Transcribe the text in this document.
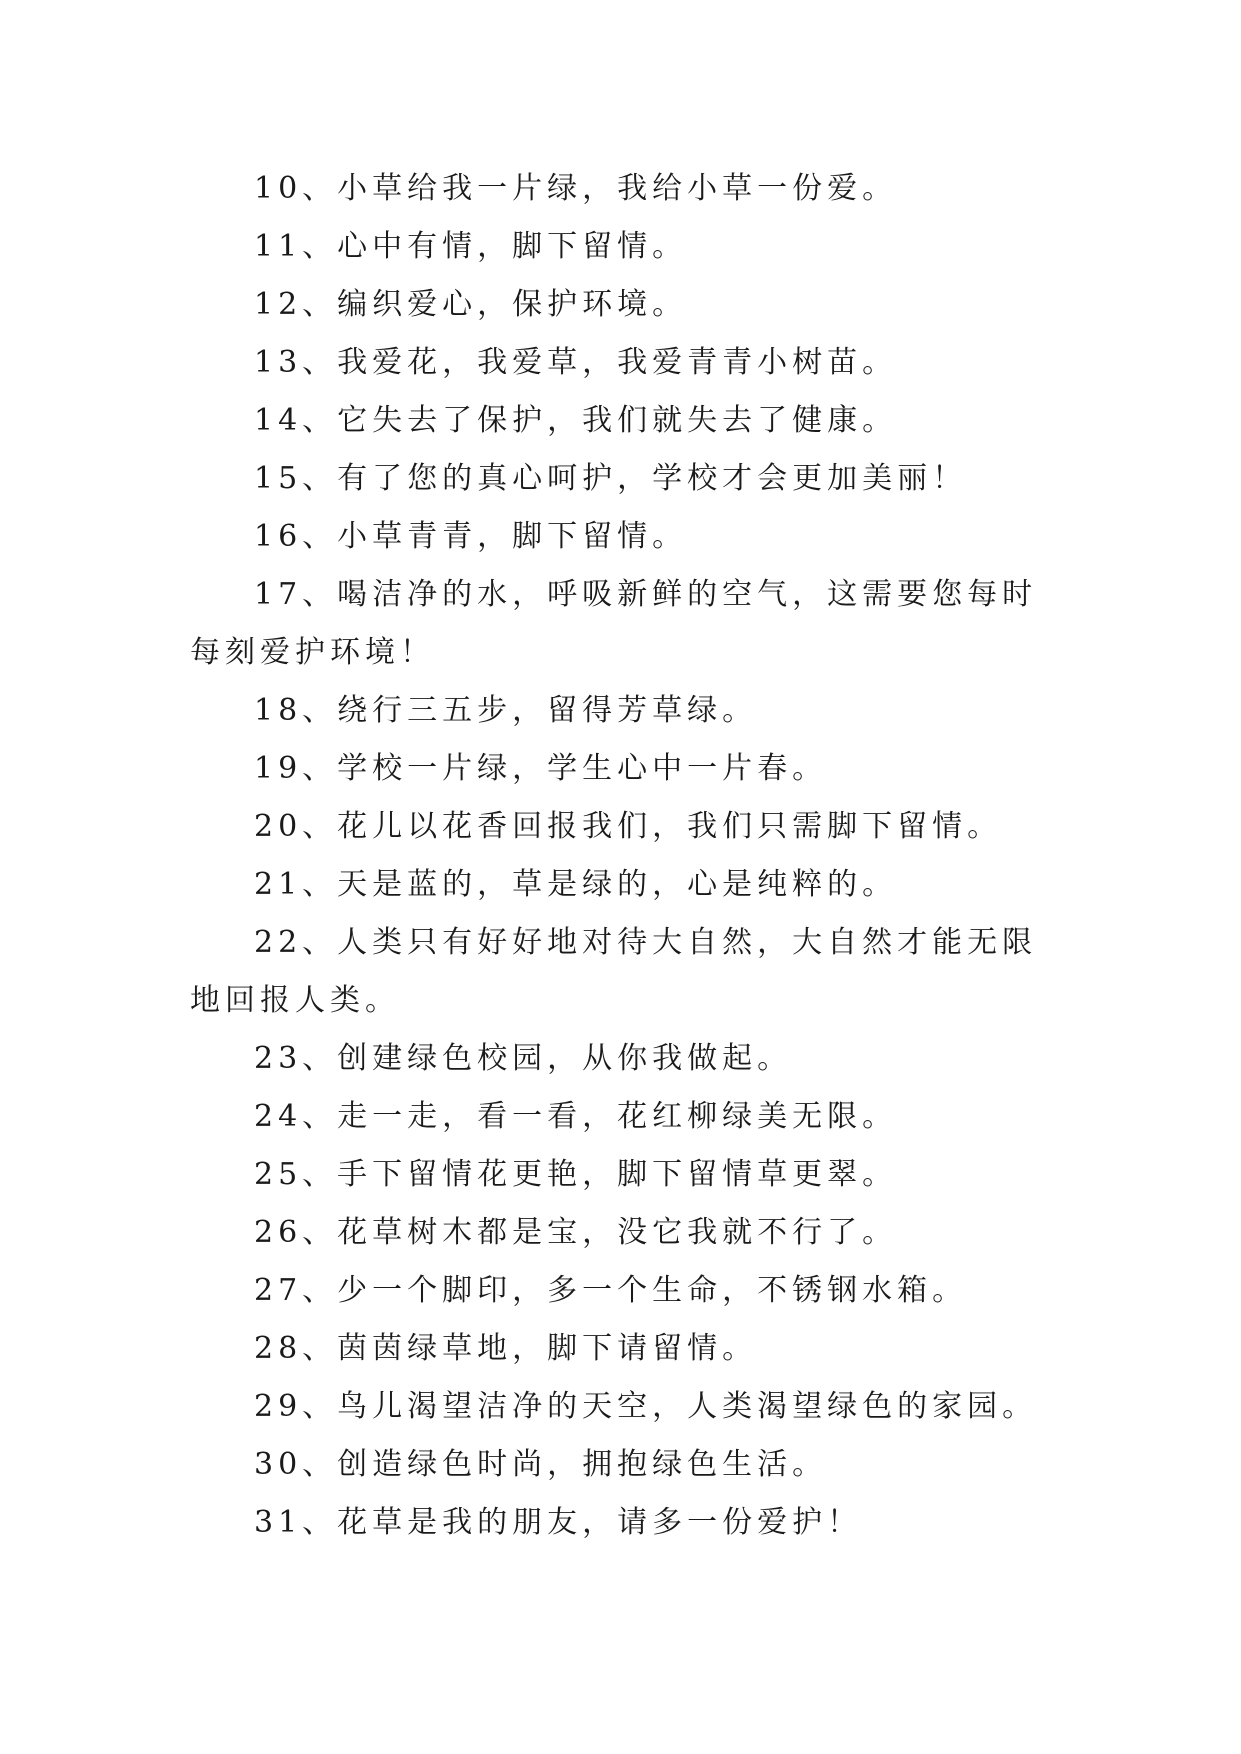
10、小草给我一片绿，我给小草一份爱。

11、心中有情，脚下留情。

12、编织爱心，保护环境。

13、我爱花，我爱草，我爱青青小树苗。

14、它失去了保护，我们就失去了健康。

15、有了您的真心呵护，学校才会更加美丽！

16、小草青青，脚下留情。

17、喝洁净的水，呼吸新鲜的空气，这需要您每时每刻爱护环境！

18、绕行三五步，留得芳草绿。

19、学校一片绿，学生心中一片春。

20、花儿以花香回报我们，我们只需脚下留情。

21、天是蓝的，草是绿的，心是纯粹的。

22、人类只有好好地对待大自然，大自然才能无限地回报人类。

23、创建绿色校园，从你我做起。

24、走一走，看一看，花红柳绿美无限。

25、手下留情花更艳，脚下留情草更翠。

26、花草树木都是宝，没它我就不行了。

27、少一个脚印，多一个生命，不锈钢水箱。

28、茵茵绿草地，脚下请留情。

29、鸟儿渴望洁净的天空，人类渴望绿色的家园。

30、创造绿色时尚，拥抱绿色生活。

31、花草是我的朋友，请多一份爱护！
